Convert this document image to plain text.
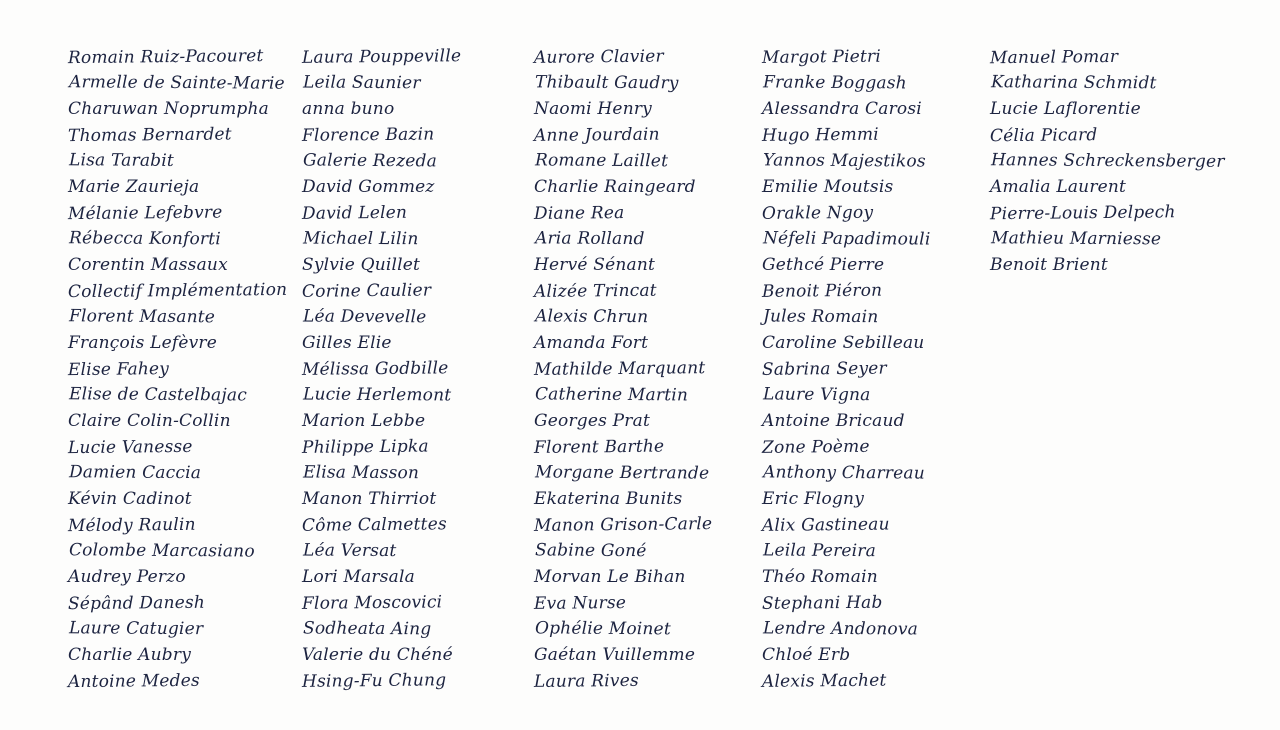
Romain Ruiz-Pacouret
Armelle de Sainte-Marie
Charuwan Noprumpha
Thomas Bernardet
Lisa Tarabit
Marie Zaurieja
Mélanie Lefebvre
Rébecca Konforti
Corentin Massaux
Collectif Implémentation
Florent Masante
François Lefèvre
Elise Fahey
Elise de Castelbajac
Claire Colin-Collin
Lucie Vanesse
Damien Caccia
Kévin Cadinot
Mélody Raulin
Colombe Marcasiano
Audrey Perzo
Sépând Danesh
Laure Catugier
Charlie Aubry
Antoine Medes
Laura Pouppeville
Leila Saunier
anna buno
Florence Bazin
Galerie Rezeda
David Gommez
David Lelen
Michael Lilin
Sylvie Quillet
Corine Caulier
Léa Devevelle
Gilles Elie
Mélissa Godbille
Lucie Herlemont
Marion Lebbe
Philippe Lipka
Elisa Masson
Manon Thirriot
Côme Calmettes
Léa Versat
Lori Marsala
Flora Moscovici
Sodheata Aing
Valerie du Chéné
Hsing-Fu Chung
Aurore Clavier
Thibault Gaudry
Naomi Henry
Anne Jourdain
Romane Laillet
Charlie Raingeard
Diane Rea
Aria Rolland
Hervé Sénant
Alizée Trincat
Alexis Chrun
Amanda Fort
Mathilde Marquant
Catherine Martin
Georges Prat
Florent Barthe
Morgane Bertrande
Ekaterina Bunits
Manon Grison-Carle
Sabine Goné
Morvan Le Bihan
Eva Nurse
Ophélie Moinet
Gaétan Vuillemme
Laura Rives
Margot Pietri
Franke Boggash
Alessandra Carosi
Hugo Hemmi
Yannos Majestikos
Emilie Moutsis
Orakle Ngoy
Néfeli Papadimouli
Gethcé Pierre
Benoit Piéron
Jules Romain
Caroline Sebilleau
Sabrina Seyer
Laure Vigna
Antoine Bricaud
Zone Poème
Anthony Charreau
Eric Flogny
Alix Gastineau
Leila Pereira
Théo Romain
Stephani Hab
Lendre Andonova
Chloé Erb
Alexis Machet
Manuel Pomar
Katharina Schmidt
Lucie Laflorentie
Célia Picard
Hannes Schreckensberger
Amalia Laurent
Pierre-Louis Delpech
Mathieu Marniesse
Benoit Brient
